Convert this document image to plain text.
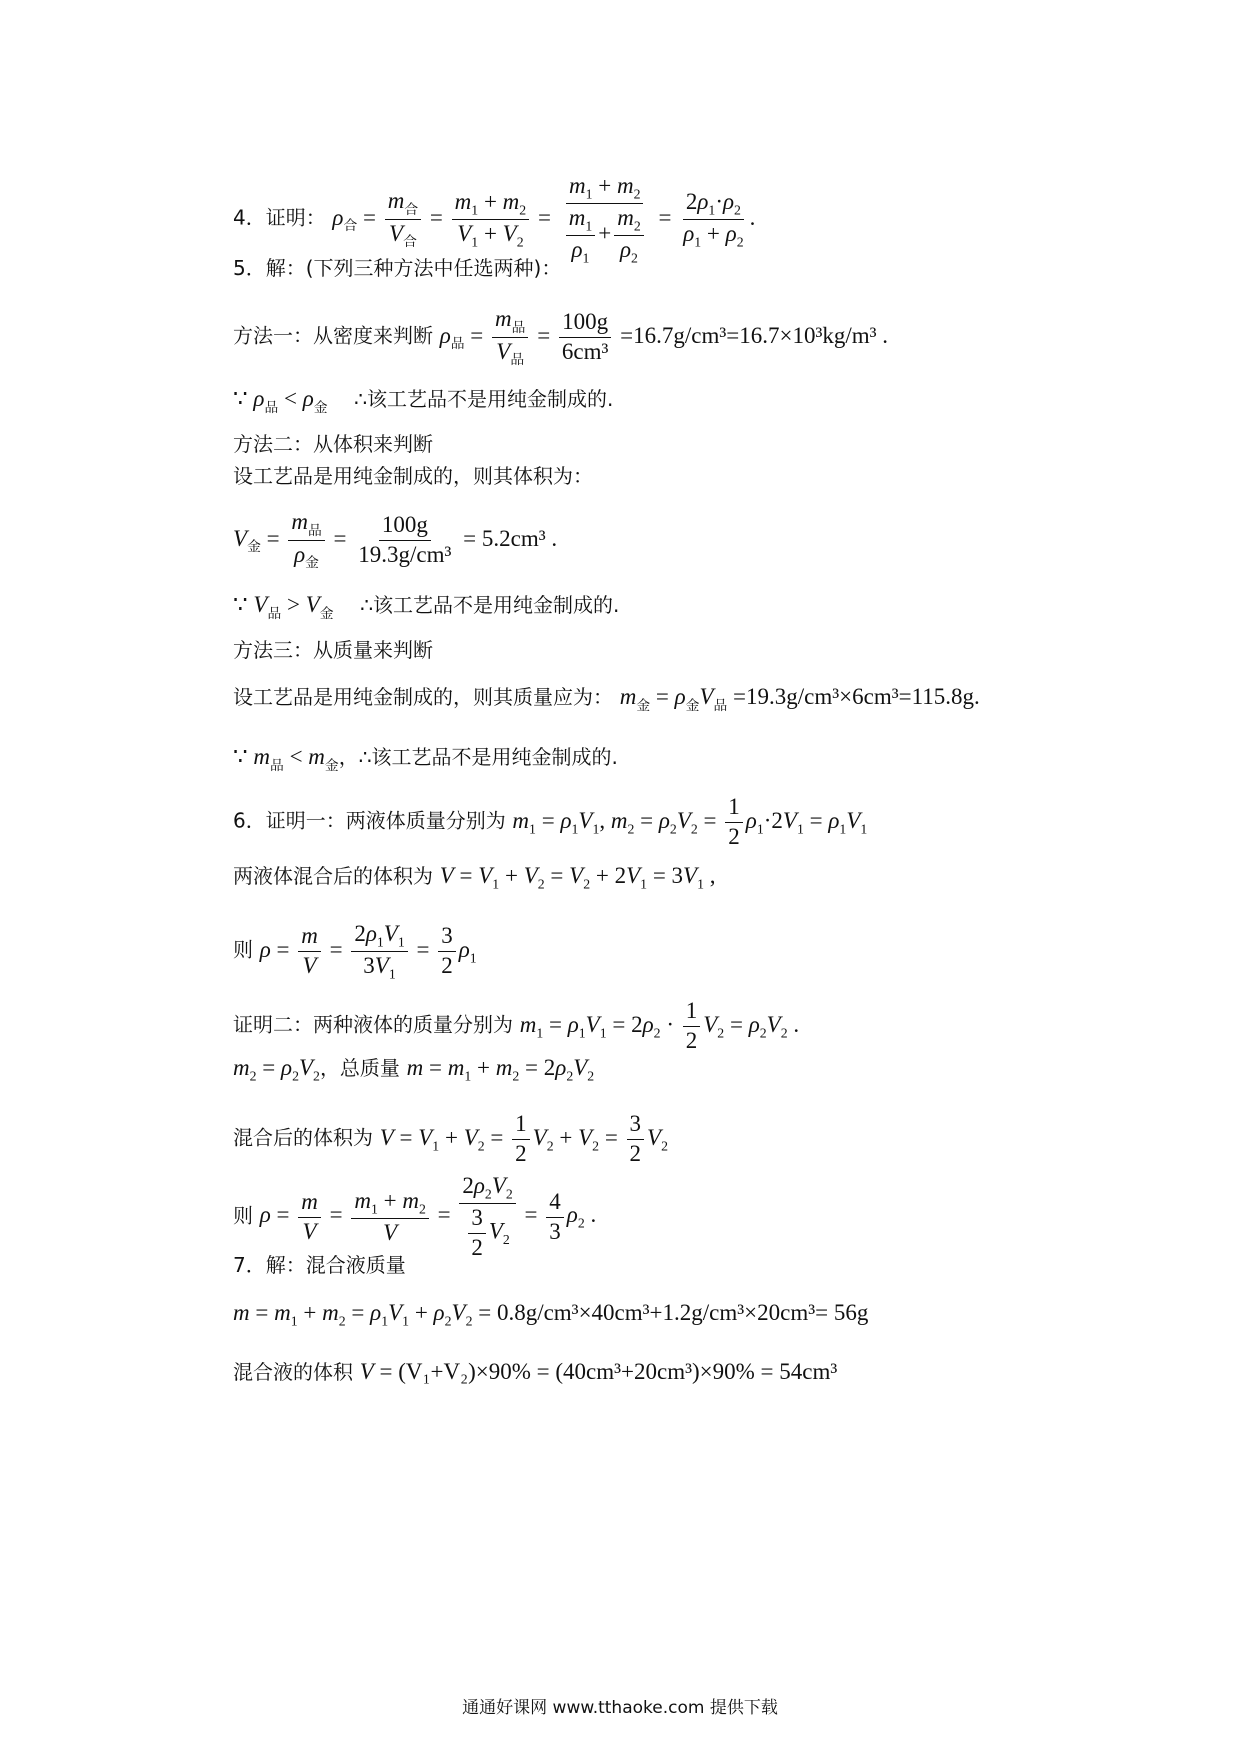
4．证明： $\rho_合 = \frac{m_合}{V_合} = \frac{m_1 + m_2}{V_1 + V_2} = \frac{m_1 + m_2}{\frac{m_1}{\rho_1} + \frac{m_2}{\rho_2}} = \frac{2\rho_1\cdot\rho_2}{\rho_1 + \rho_2}$ .
5．解：(下列三种方法中任选两种)：
方法一：从密度来判断 $\rho_品 = \frac{m_品}{V_品} = \frac{100g}{\text{6cm³}} =16.7g/cm^3=16.7\times 10^3kg/m^3$ .
∵ $\rho_品 < \rho_金$ ∴该工艺品不是用纯金制成的.
方法二：从体积来判断
设工艺品是用纯金制成的，则其体积为：
$V_金 = \frac{m_品}{\rho_金} = \frac{100g}{\text{19.3g/cm³}} = 5.2cm^3$ .
∵ $V_品 > V_金$ ∴该工艺品不是用纯金制成的.
方法三：从质量来判断
设工艺品是用纯金制成的，则其质量应为： $m_金 = \rho_金V_品 =19.3g/cm^3\times 6cm^3=115.8g$.
∵ $m_品 < m_金$，∴该工艺品不是用纯金制成的.
6．证明一：两液体质量分别为 $m_1 = \rho_1V_1$, $m_2 = \rho_2V_2 = \frac{1}{2} \rho_1\cdot 2V_1 = \rho_1V_1$
两液体混合后的体积为 $V = V_1 + V_2 = V_2 + 2V_1 = 3V_1$ ,
则 $\rho = \frac{m}{V} = \frac{2\rho_1V_1}{3V_1} = \frac{3}{2} \rho_1$
证明二：两种液体的质量分别为 $m_1 = \rho_1V_1 = 2\rho_2 \cdot \frac{1}{2} V_2 = \rho_2V_2$ .
$m_2 = \rho_2V_2$，总质量 $m = m_1 + m_2 = 2\rho_2V_2$
混合后的体积为 $V = V_1 + V_2 = \frac{1}{2} V_2 + V_2 = \frac{3}{2} V_2$
则 $\rho = \frac{m}{V} = \frac{m_1 + m_2}{V} = \frac{2\rho_2V_2}{\frac{3}{2} V_2} = \frac{4}{3} \rho_2$ .
7．解：混合液质量
$m = m_1 + m_2 = \rho_1V_1 + \rho_2V_2 = 0.8g/cm^3\times 40cm^3+1.2g/cm^3\times 20cm^3= 56g$
混合液的体积 V = (V₁+V₂)×90% = (40cm³+20cm³)×90% = 54cm³
通通好课网 www.tthaoke.com 提供下载
